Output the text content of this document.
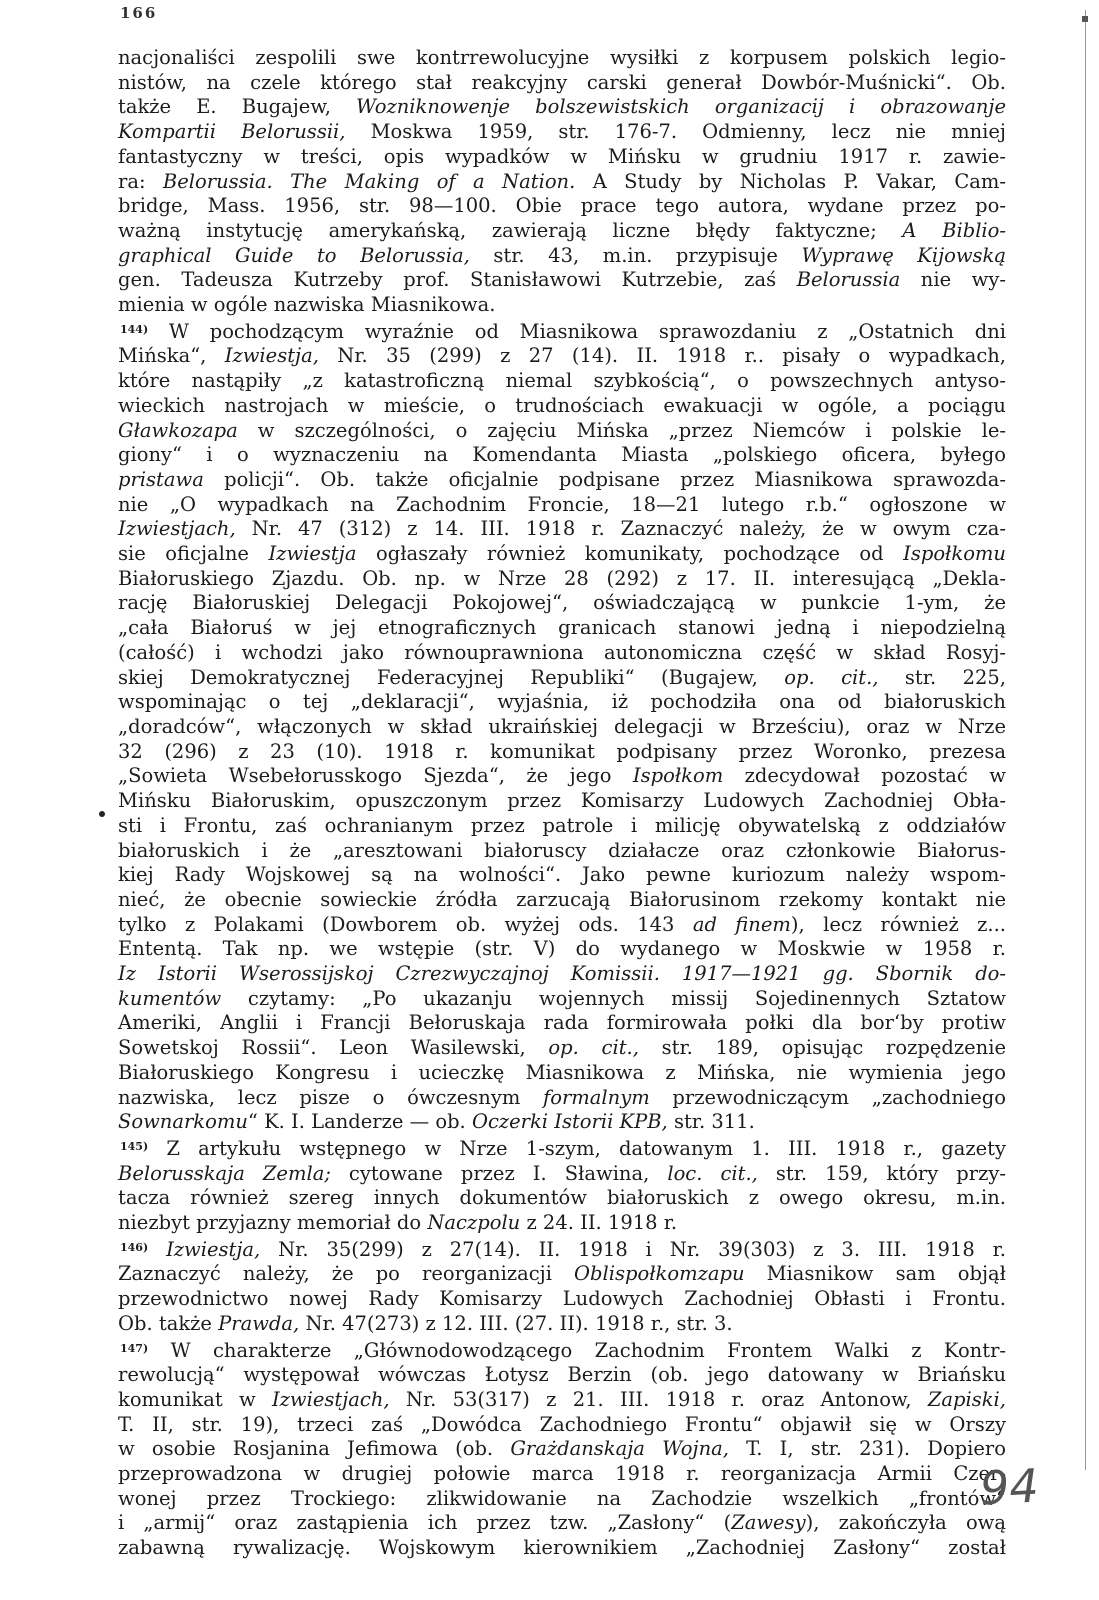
166
nacjonaliści zespolili swe kontrrewolucyjne wysiłki z korpusem polskich legio-
nistów, na czele którego stał reakcyjny carski generał Dowbór-Muśnicki“. Ob.
także E. Bugajew, Wozniknowenje bolszewistskich organizacij i obrazowanje
Kompartii Belorussii, Moskwa 1959, str. 176-7. Odmienny, lecz nie mniej
fantastyczny w treści, opis wypadków w Mińsku w grudniu 1917 r. zawie-
ra: Belorussia. The Making of a Nation. A Study by Nicholas P. Vakar, Cam-
bridge, Mass. 1956, str. 98—100. Obie prace tego autora, wydane przez po-
ważną instytucję amerykańską, zawierają liczne błędy faktyczne; A Biblio-
graphical Guide to Belorussia, str. 43, m.in. przypisuje Wyprawę Kijowską
gen. Tadeusza Kutrzeby prof. Stanisławowi Kutrzebie, zaś Belorussia nie wy-
mienia w ogóle nazwiska Miasnikowa.
$^{144)}$ W pochodzącym wyraźnie od Miasnikowa sprawozdaniu z „Ostatnich dni
Mińska“, Izwiestja, Nr. 35 (299) z 27 (14). II. 1918 r.. pisały o wypadkach,
które nastąpiły „z katastroficzną niemal szybkością“, o powszechnych antyso-
wieckich nastrojach w mieście, o trudnościach ewakuacji w ogóle, a pociągu
Gławkozapa w szczególności, o zajęciu Mińska „przez Niemców i polskie le-
giony“ i o wyznaczeniu na Komendanta Miasta „polskiego oficera, byłego
pristawa policji“. Ob. także oficjalnie podpisane przez Miasnikowa sprawozda-
nie „O wypadkach na Zachodnim Froncie, 18—21 lutego r.b.“ ogłoszone w
Izwiestjach, Nr. 47 (312) z 14. III. 1918 r. Zaznaczyć należy, że w owym cza-
sie oficjalne Izwiestja ogłaszały również komunikaty, pochodzące od Ispołkomu
Białoruskiego Zjazdu. Ob. np. w Nrze 28 (292) z 17. II. interesującą „Dekla-
rację Białoruskiej Delegacji Pokojowej“, oświadczającą w punkcie 1-ym, że
„cała Białoruś w jej etnograficznych granicach stanowi jedną i niepodzielną
(całość) i wchodzi jako równouprawniona autonomiczna część w skład Rosyj-
skiej Demokratycznej Federacyjnej Republiki“ (Bugajew, op. cit., str. 225,
wspominając o tej „deklaracji“, wyjaśnia, iż pochodziła ona od białoruskich
„doradców“, włączonych w skład ukraińskiej delegacji w Brześciu), oraz w Nrze
32 (296) z 23 (10). 1918 r. komunikat podpisany przez Woronko, prezesa
„Sowieta Wsebełorusskogo Sjezda“, że jego Ispołkom zdecydował pozostać w
Mińsku Białoruskim, opuszczonym przez Komisarzy Ludowych Zachodniej Obła-
sti i Frontu, zaś ochranianym przez patrole i milicję obywatelską z oddziałów
białoruskich i że „aresztowani białoruscy działacze oraz członkowie Białorus-
kiej Rady Wojskowej są na wolności“. Jako pewne kuriozum należy wspom-
nieć, że obecnie sowieckie źródła zarzucają Białorusinom rzekomy kontakt nie
tylko z Polakami (Dowborem ob. wyżej ods. 143 ad finem), lecz również z...
Ententą. Tak np. we wstępie (str. V) do wydanego w Moskwie w 1958 r.
Iz Istorii Wserossijskoj Czrezwyczajnoj Komissii. 1917—1921 gg. Sbornik do-
kumentów czytamy: „Po ukazanju wojennych missij Sojedinennych Sztatow
Ameriki, Anglii i Francji Bełoruskaja rada formirowała połki dla bor‘by protiw
Sowetskoj Rossii“. Leon Wasilewski, op. cit., str. 189, opisując rozpędzenie
Białoruskiego Kongresu i ucieczkę Miasnikowa z Mińska, nie wymienia jego
nazwiska, lecz pisze o ówczesnym formalnym przewodniczącym „zachodniego
Sownarkomu“ K. I. Landerze — ob. Oczerki Istorii KPB, str. 311.
$^{145)}$ Z artykułu wstępnego w Nrze 1-szym, datowanym 1. III. 1918 r., gazety
Belorusskaja Zemla; cytowane przez I. Sławina, loc. cit., str. 159, który przy-
tacza również szereg innych dokumentów białoruskich z owego okresu, m.in.
niezbyt przyjazny memoriał do Naczpolu z 24. II. 1918 r.
$^{146)}$ Izwiestja, Nr. 35(299) z 27(14). II. 1918 i Nr. 39(303) z 3. III. 1918 r.
Zaznaczyć należy, że po reorganizacji Oblispołkomzapu Miasnikow sam objął
przewodnictwo nowej Rady Komisarzy Ludowych Zachodniej Obłasti i Frontu.
Ob. także Prawda, Nr. 47(273) z 12. III. (27. II). 1918 r., str. 3.
$^{147)}$ W charakterze „Głównodowodzącego Zachodnim Frontem Walki z Kontr-
rewolucją“ występował wówczas Łotysz Berzin (ob. jego datowany w Briańsku
komunikat w Izwiestjach, Nr. 53(317) z 21. III. 1918 r. oraz Antonow, Zapiski,
T. II, str. 19), trzeci zaś „Dowódca Zachodniego Frontu“ objawił się w Orszy
w osobie Rosjanina Jefimowa (ob. Grażdanskaja Wojna, T. I, str. 231). Dopiero
przeprowadzona w drugiej połowie marca 1918 r. reorganizacja Armii Czer-
wonej przez Trockiego: zlikwidowanie na Zachodzie wszelkich „frontów“
i „armij“ oraz zastąpienia ich przez tzw. „Zasłony“ (Zawesy), zakończyła ową
zabawną rywalizację. Wojskowym kierownikiem „Zachodniej Zasłony“ został
94
